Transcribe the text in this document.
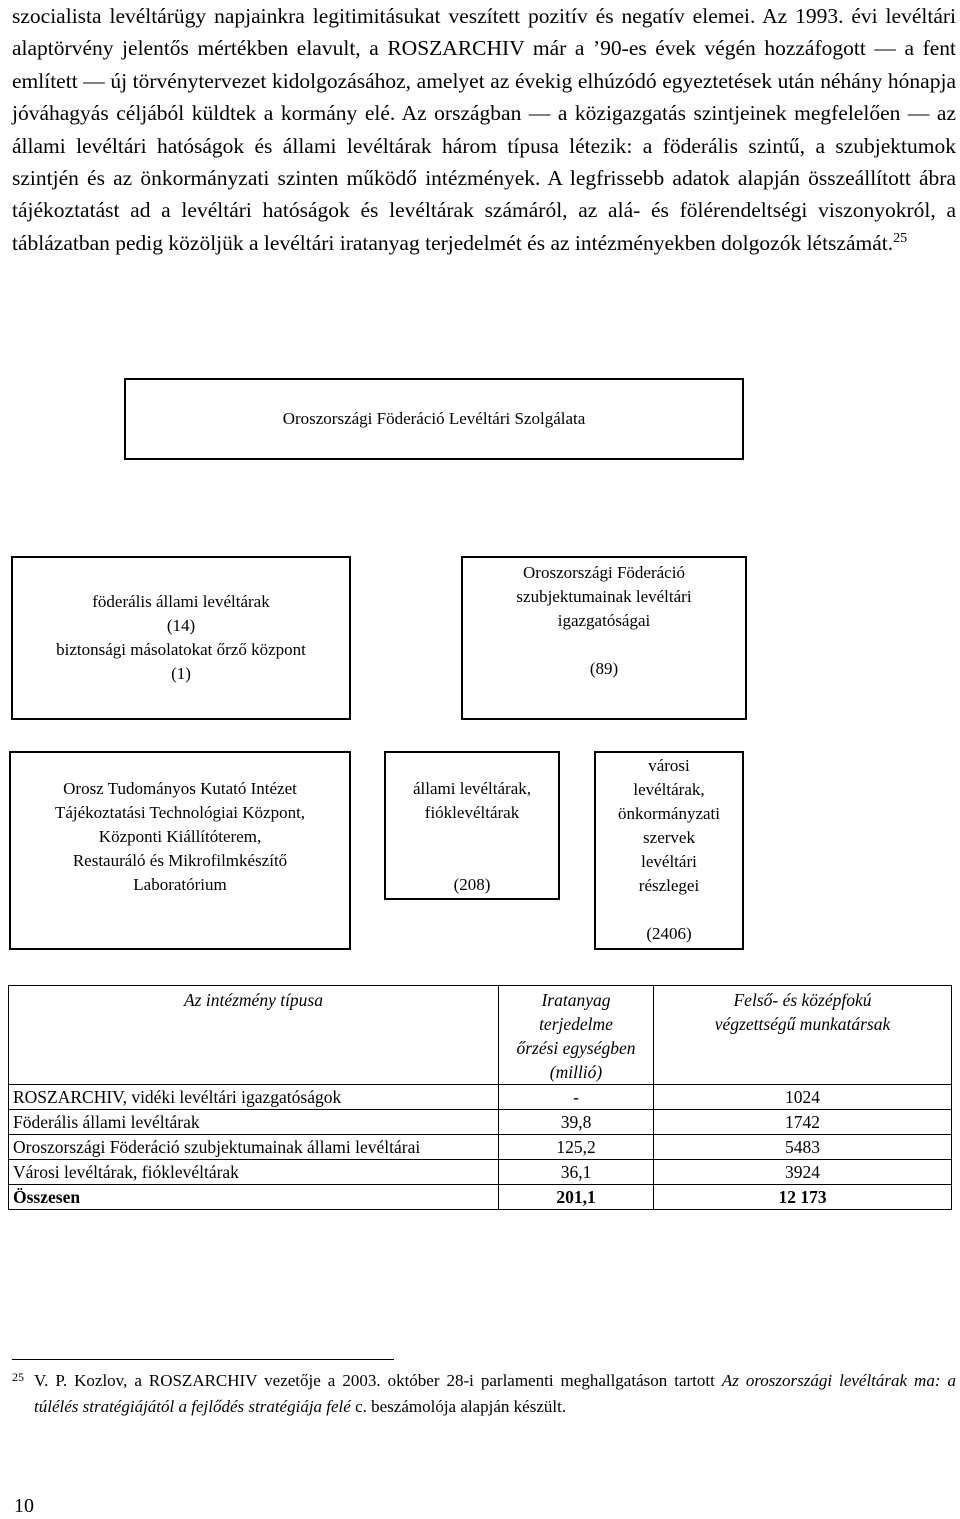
szocialista levéltárügy napjainkra legitimitásukat veszített pozitív és negatív elemei. Az 1993. évi levéltári alaptörvény jelentős mértékben elavult, a ROSZARCHIV már a ’90-es évek végén hozzáfogott — a fent említett — új törvénytervezet kidolgozásához, amelyet az évekig elhúzódó egyeztetések után néhány hónapja jóváhagyás céljából küldtek a kormány elé. Az országban — a közigazgatás szintjeinek megfelelően — az állami levéltári hatóságok és állami levéltárak három típusa létezik: a föderális szintű, a szubjektumok szintjén és az önkormányzati szinten működő intézmények. A legfrissebb adatok alapján összeállított ábra tájékoztatást ad a levéltári hatóságok és levéltárak számáról, az alá- és fölérendeltségi viszonyokról, a táblázatban pedig közöljük a levéltári iratanyag terjedelmét és az intézményekben dolgozók létszámát.$^{25}$

Oroszországi Föderáció Levéltári Szolgálata
föderális állami levéltárak
(14)
biztonsági másolatokat őrző központ
(1)
Oroszországi Föderáció
szubjektumainak levéltári
igazgatóságai
(89)
Orosz Tudományos Kutató Intézet
Tájékoztatási Technológiai Központ,
Központi Kiállítóterem,
Restauráló és Mikrofilmkészítő
Laboratórium
állami levéltárak,
fióklevéltárak
(208)
városi
levéltárak,
önkormányzati
szervek
levéltári
részlegei
(2406)
Az intézmény típusa	Iratanyag
terjedelme
őrzési egységben
(millió)	Felső- és középfokú
végzettségű munkatársak

ROSZARCHIV, vidéki levéltári igazgatóságok	-	1024
Föderális állami levéltárak	39,8	1742
Oroszországi Föderáció szubjektumainak állami levéltárai	125,2	5483
Városi levéltárak, fióklevéltárak	36,1	3924
Összesen	201,1	12 173
25 V. P. Kozlov, a ROSZARCHIV vezetője a 2003. október 28-i parlamenti meghallgatáson tartott Az oroszországi levéltárak ma: a túlélés stratégiájától a fejlődés stratégiája felé c. beszámolója alapján készült.
10
